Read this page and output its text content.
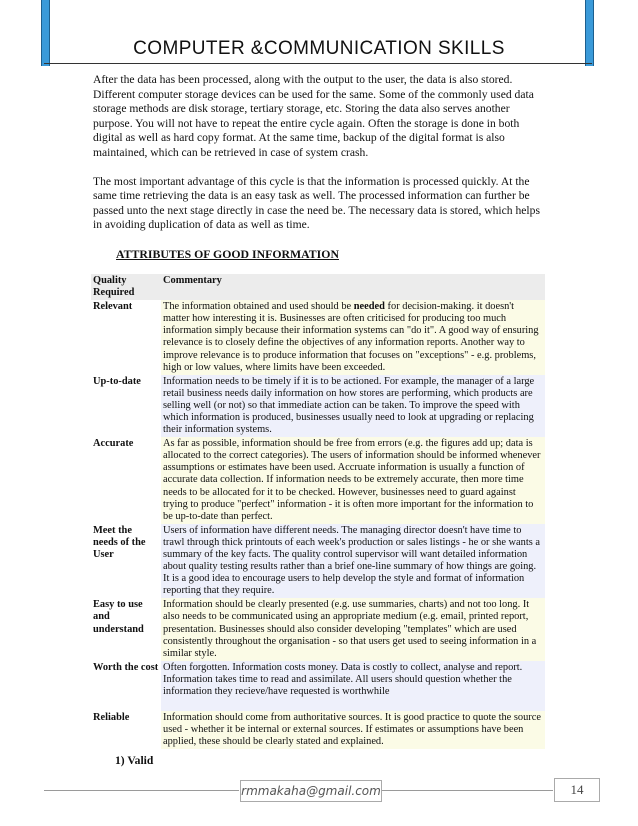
COMPUTER &COMMUNICATION SKILLS

After the data has been processed, along with the output to the user, the data is also stored. Different computer storage devices can be used for the same. Some of the commonly used data storage methods are disk storage, tertiary storage, etc. Storing the data also serves another purpose. You will not have to repeat the entire cycle again. Often the storage is done in both digital as well as hard copy format. At the same time, backup of the digital format is also maintained, which can be retrieved in case of system crash.

The most important advantage of this cycle is that the information is processed quickly. At the same time retrieving the data is an easy task as well. The processed information can further be passed unto the next stage directly in case the need be. The necessary data is stored, which helps in avoiding duplication of data as well as time.

ATTRIBUTES OF GOOD INFORMATION
Quality Required	Commentary
Relevant	The information obtained and used should be needed for decision-making. it doesn't matter how interesting it is. Businesses are often criticised for producing too much information simply because their information systems can "do it". A good way of ensuring relevance is to closely define the objectives of any information reports. Another way to improve relevance is to produce information that focuses on "exceptions" - e.g. problems, high or low values, where limits have been exceeded.
Up-to-date	Information needs to be timely if it is to be actioned. For example, the manager of a large retail business needs daily information on how stores are performing, which products are selling well (or not) so that immediate action can be taken. To improve the speed with which information is produced, businesses usually need to look at upgrading or replacing their information systems.
Accurate	As far as possible, information should be free from errors (e.g. the figures add up; data is allocated to the correct categories). The users of information should be informed whenever assumptions or estimates have been used. Accruate information is usually a function of accurate data collection. If information needs to be extremely accurate, then more time needs to be allocated for it to be checked. However, businesses need to guard against trying to produce "perfect" information - it is often more important for the information to be up-to-date than perfect.
Meet the needs of the User	Users of information have different needs. The managing director doesn't have time to trawl through thick printouts of each week's production or sales listings - he or she wants a summary of the key facts. The quality control supervisor will want detailed information about quality testing results rather than a brief one-line summary of how things are going. It is a good idea to encourage users to help develop the style and format of information reporting that they require.
Easy to use and understand	Information should be clearly presented (e.g. use summaries, charts) and not too long. It also needs to be communicated using an appropriate medium (e.g. email, printed report, presentation. Businesses should also consider developing "templates" which are used consistently throughout the organisation - so that users get used to seeing information in a similar style.
Worth the cost	Often forgotten. Information costs money. Data is costly to collect, analyse and report. Information takes time to read and assimilate. All users should question whether the information they recieve/have requested is worthwhile
Reliable	Information should come from authoritative sources. It is good practice to quote the source used - whether it be internal or external sources. If estimates or assumptions have been applied, these should be clearly stated and explained.
1) Valid
rmmakaha@gmail.com	14
